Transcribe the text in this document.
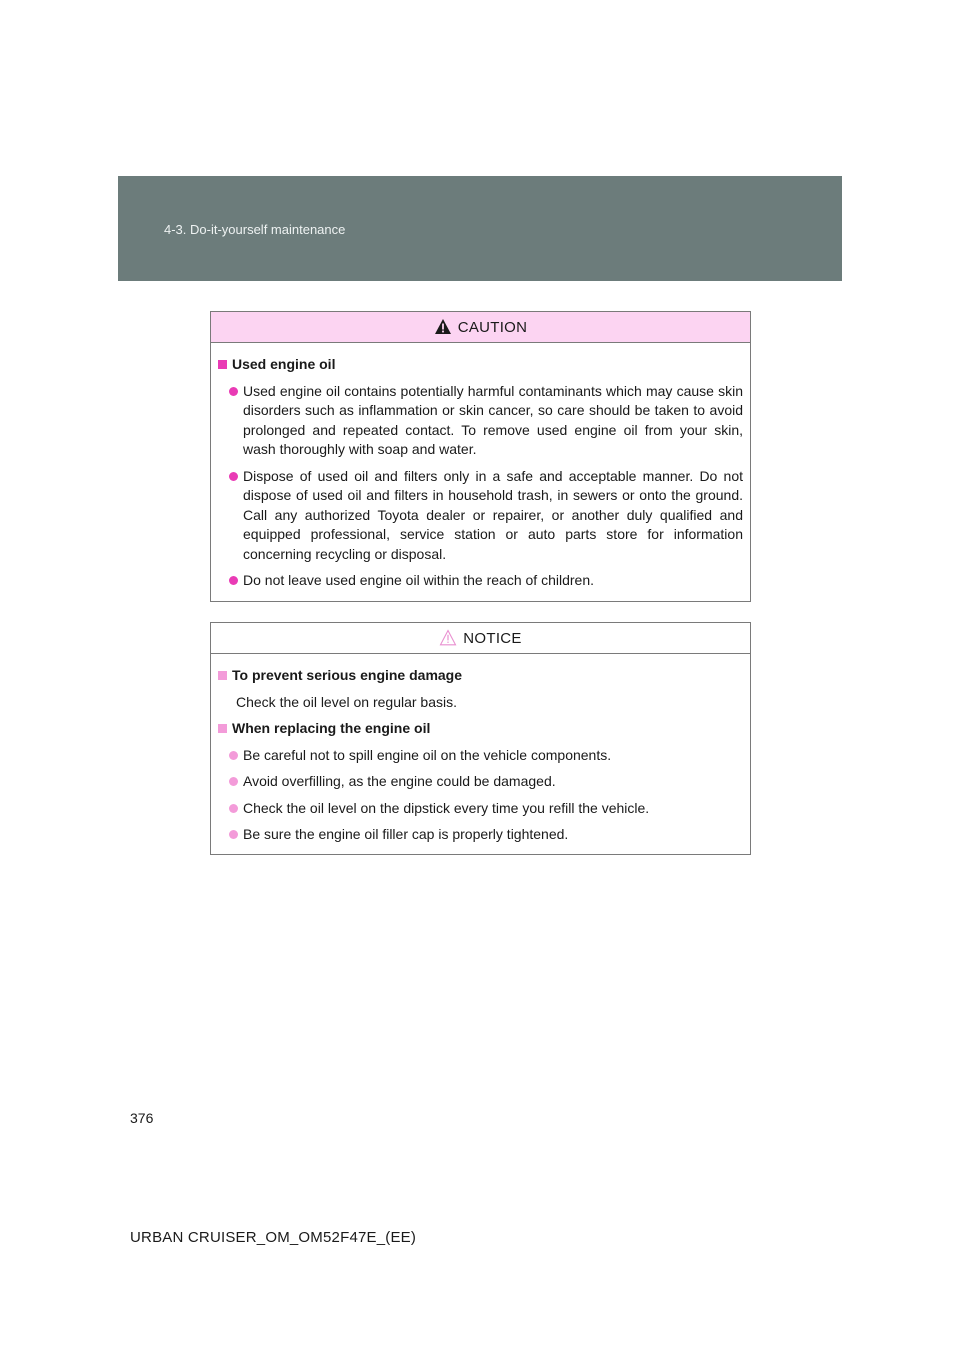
4-3. Do-it-yourself maintenance
CAUTION
Used engine oil
Used engine oil contains potentially harmful contaminants which may cause skin disorders such as inflammation or skin cancer, so care should be taken to avoid prolonged and repeated contact. To remove used engine oil from your skin, wash thoroughly with soap and water.
Dispose of used oil and filters only in a safe and acceptable manner. Do not dispose of used oil and filters in household trash, in sewers or onto the ground. Call any authorized Toyota dealer or repairer, or another duly qualified and equipped professional, service station or auto parts store for information concerning recycling or disposal.
Do not leave used engine oil within the reach of children.
NOTICE
To prevent serious engine damage
Check the oil level on regular basis.
When replacing the engine oil
Be careful not to spill engine oil on the vehicle components.
Avoid overfilling, as the engine could be damaged.
Check the oil level on the dipstick every time you refill the vehicle.
Be sure the engine oil filler cap is properly tightened.
376
URBAN CRUISER_OM_OM52F47E_(EE)
